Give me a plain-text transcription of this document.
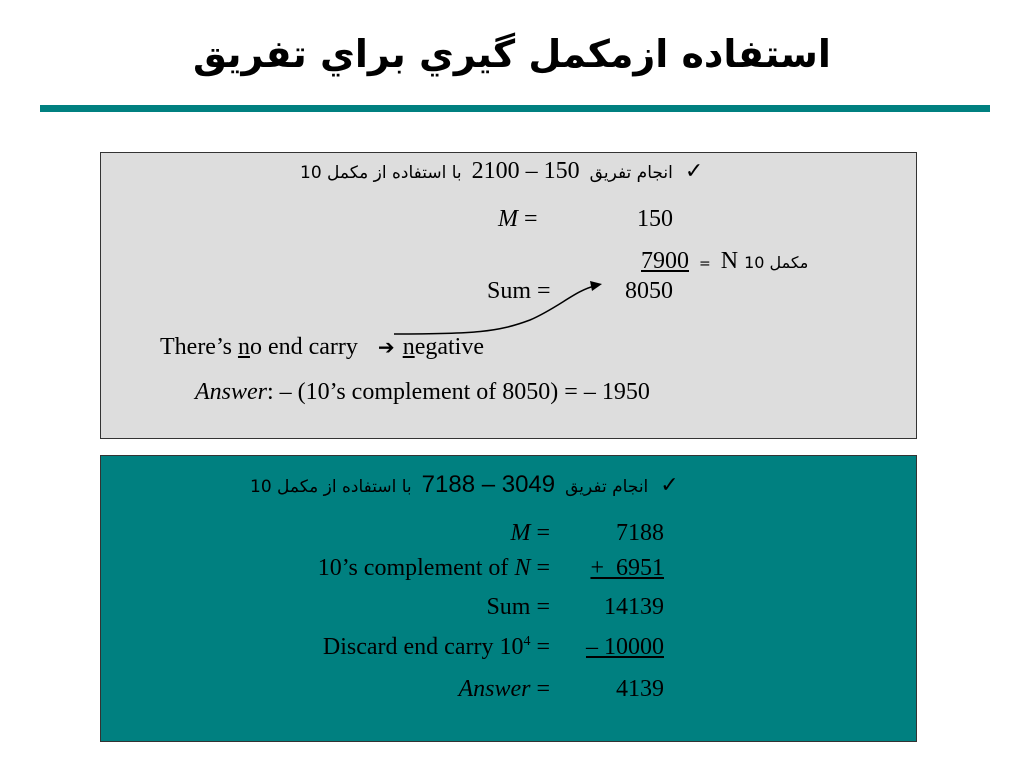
استفاده ازمکمل گيري براي تفريق
با استفاده از مکمل 10 2100 – 150 انجام تفريق ✓
M =	150
7900 = N مکمل 10
Sum =	8050
There’s no end carry ➔ negative
Answer: – (10’s complement of 8050) = – 1950
با استفاده از مکمل 10 7188 – 3049 انجام تفريق ✓
M =	7188
10’s complement of N =	+  6951
Sum =	14139
Discard end carry $10^4$ =	– 10000
Answer =	4139
